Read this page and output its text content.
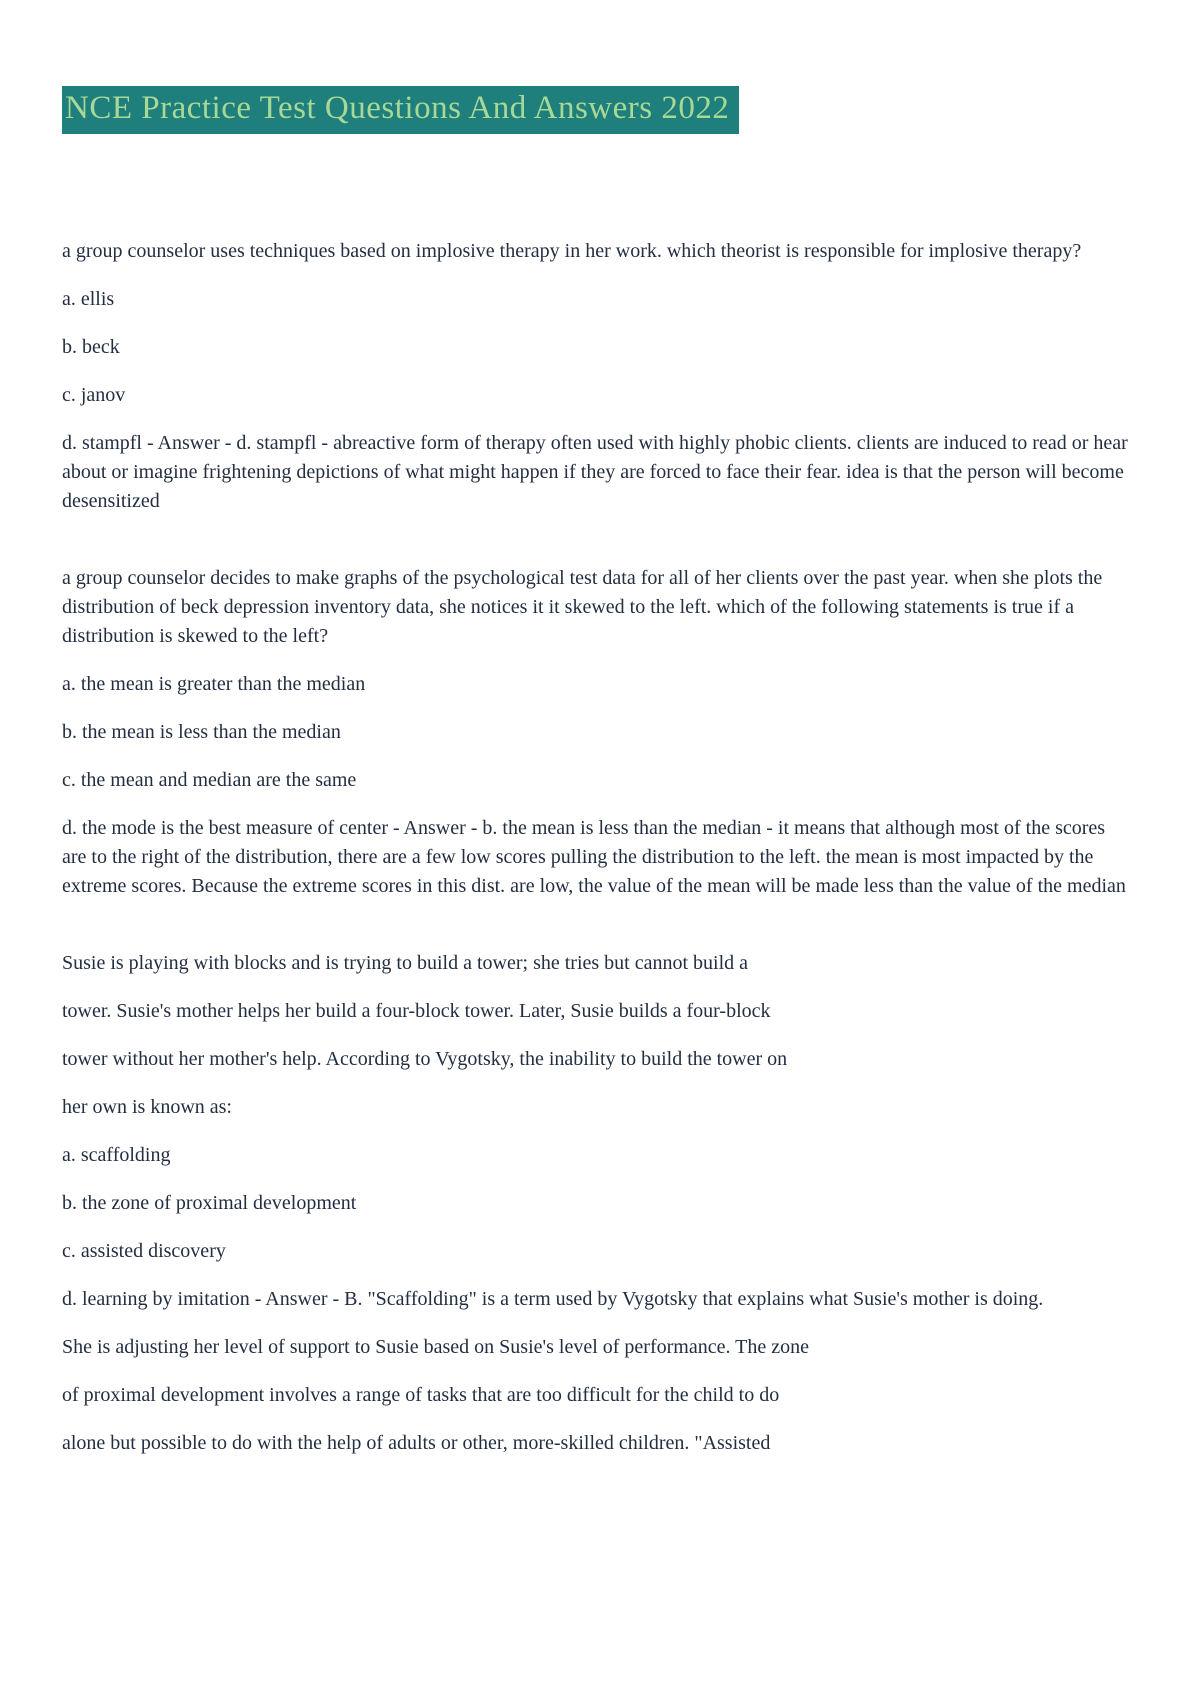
NCE Practice Test Questions And Answers 2022

a group counselor uses techniques based on implosive therapy in her work. which theorist is responsible for implosive therapy?

a. ellis

b. beck

c. janov

d. stampfl - Answer - d. stampfl - abreactive form of therapy often used with highly phobic clients. clients are induced to read or hear about or imagine frightening depictions of what might happen if they are forced to face their fear. idea is that the person will become desensitized

a group counselor decides to make graphs of the psychological test data for all of her clients over the past year. when she plots the distribution of beck depression inventory data, she notices it it skewed to the left. which of the following statements is true if a distribution is skewed to the left?

a. the mean is greater than the median

b. the mean is less than the median

c. the mean and median are the same

d. the mode is the best measure of center - Answer - b. the mean is less than the median - it means that although most of the scores are to the right of the distribution, there are a few low scores pulling the distribution to the left. the mean is most impacted by the extreme scores. Because the extreme scores in this dist. are low, the value of the mean will be made less than the value of the median

Susie is playing with blocks and is trying to build a tower; she tries but cannot build a

tower. Susie's mother helps her build a four-block tower. Later, Susie builds a four-block

tower without her mother's help. According to Vygotsky, the inability to build the tower on

her own is known as:

a. scaffolding

b. the zone of proximal development

c. assisted discovery

d. learning by imitation - Answer - B. "Scaffolding" is a term used by Vygotsky that explains what Susie's mother is doing.

She is adjusting her level of support to Susie based on Susie's level of performance. The zone

of proximal development involves a range of tasks that are too difficult for the child to do

alone but possible to do with the help of adults or other, more-skilled children. "Assisted
